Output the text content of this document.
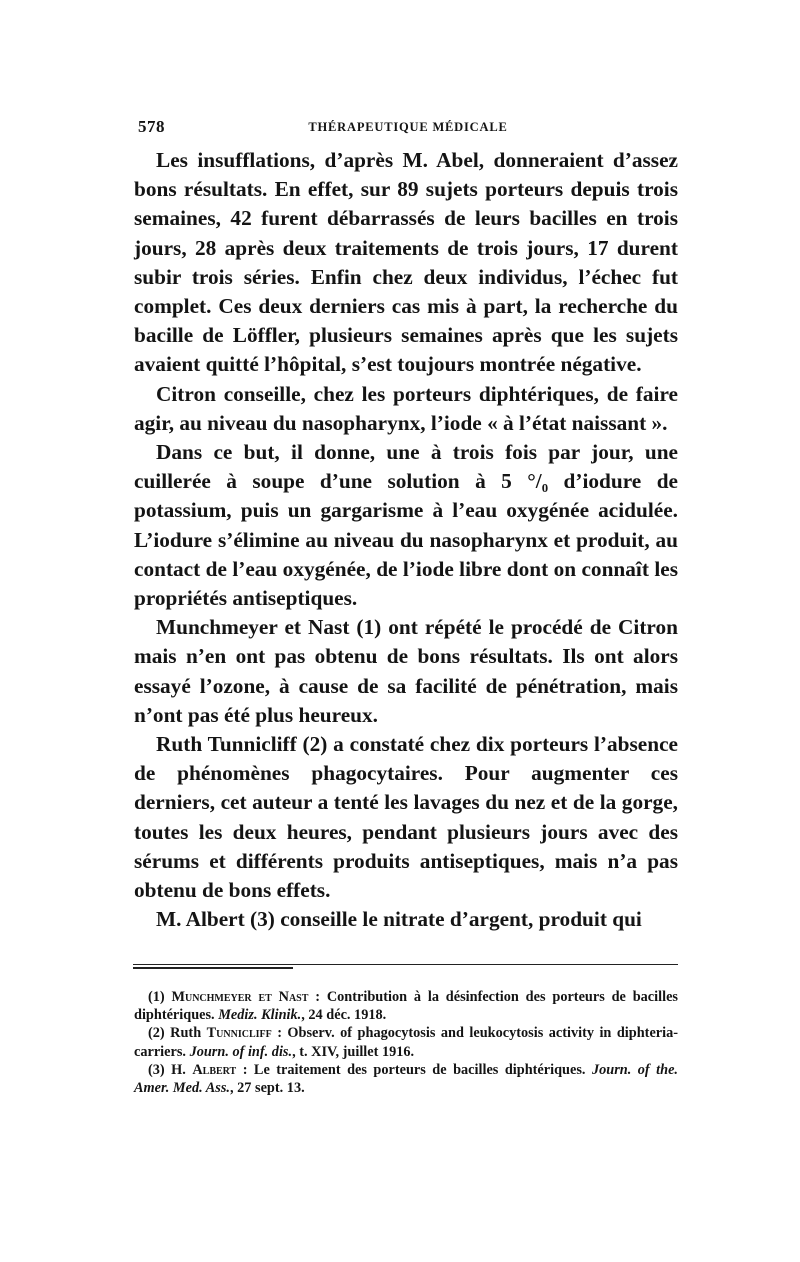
578	THÉRAPEUTIQUE MÉDICALE

Les insufflations, d’après M. Abel, donneraient d’assez bons résultats. En effet, sur 89 sujets porteurs depuis trois semaines, 42 furent débarrassés de leurs bacilles en trois jours, 28 après deux traitements de trois jours, 17 durent subir trois séries. Enfin chez deux individus, l’échec fut complet. Ces deux derniers cas mis à part, la recherche du bacille de Löffler, plusieurs semaines après que les sujets avaient quitté l’hôpital, s’est toujours montrée négative.

Citron conseille, chez les porteurs diphtériques, de faire agir, au niveau du nasopharynx, l’iode « à l’état naissant ».

Dans ce but, il donne, une à trois fois par jour, une cuillerée à soupe d’une solution à 5 °/₀ d’iodure de potassium, puis un gargarisme à l’eau oxygénée acidulée. L’iodure s’élimine au niveau du nasopharynx et produit, au contact de l’eau oxygénée, de l’iode libre dont on connaît les propriétés antiseptiques.

Munchmeyer et Nast (1) ont répété le procédé de Citron mais n’en ont pas obtenu de bons résultats. Ils ont alors essayé l’ozone, à cause de sa facilité de pénétration, mais n’ont pas été plus heureux.

Ruth Tunnicliff (2) a constaté chez dix porteurs l’absence de phénomènes phagocytaires. Pour augmenter ces derniers, cet auteur a tenté les lavages du nez et de la gorge, toutes les deux heures, pendant plusieurs jours avec des sérums et différents produits antiseptiques, mais n’a pas obtenu de bons effets.

M. Albert (3) conseille le nitrate d’argent, produit qui

(1) Munchmeyer et Nast : Contribution à la désinfection des porteurs de bacilles diphtériques. Mediz. Klinik., 24 déc. 1918.

(2) Ruth Tunnicliff : Observ. of phagocytosis and leukocytosis activity in diphteria-carriers. Journ. of inf. dis., t. XIV, juillet 1916.

(3) H. Albert : Le traitement des porteurs de bacilles diphtériques. Journ. of the. Amer. Med. Ass., 27 sept. 13.
